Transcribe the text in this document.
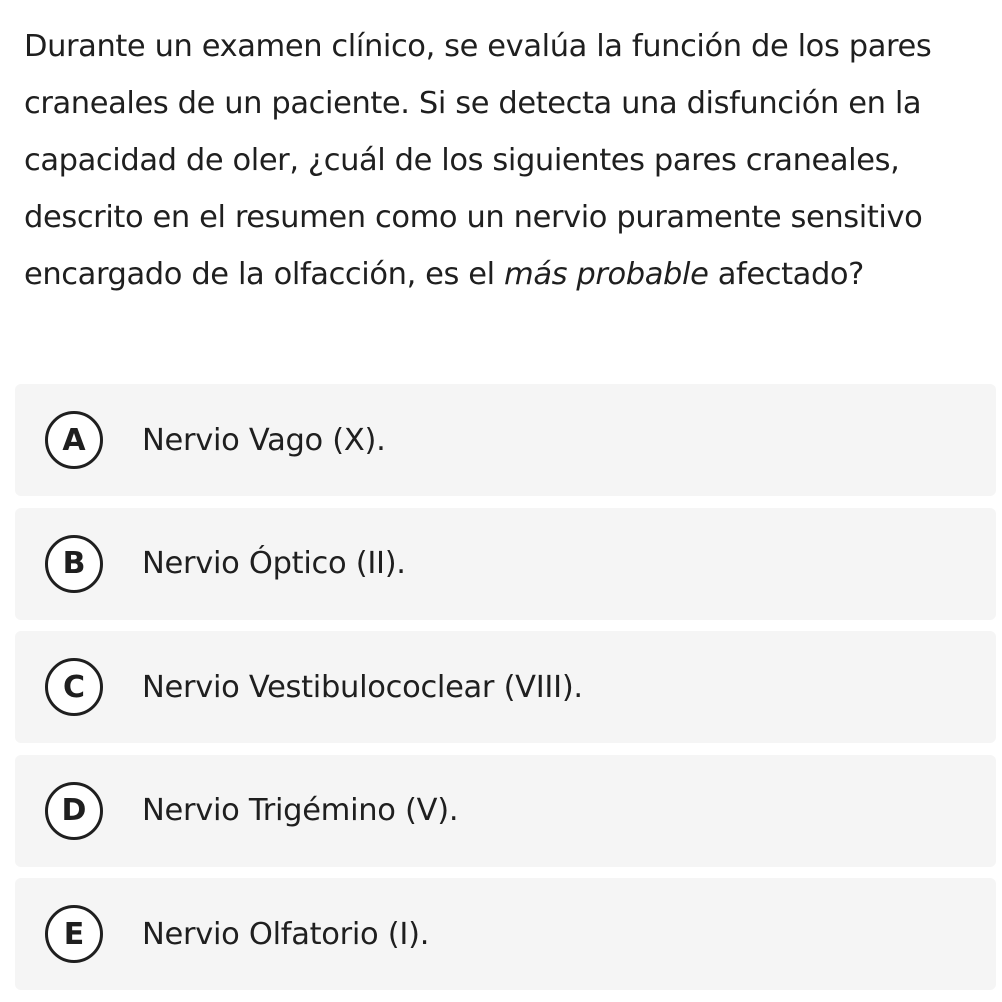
Durante un examen clínico, se evalúa la función de los pares craneales de un paciente. Si se detecta una disfunción en la capacidad de oler, ¿cuál de los siguientes pares craneales, descrito en el resumen como un nervio puramente sensitivo encargado de la olfacción, es el más probable afectado?

A	Nervio Vago (X).
B	Nervio Óptico (II).
C	Nervio Vestibulococlear (VIII).
D	Nervio Trigémino (V).
E	Nervio Olfatorio (I).
